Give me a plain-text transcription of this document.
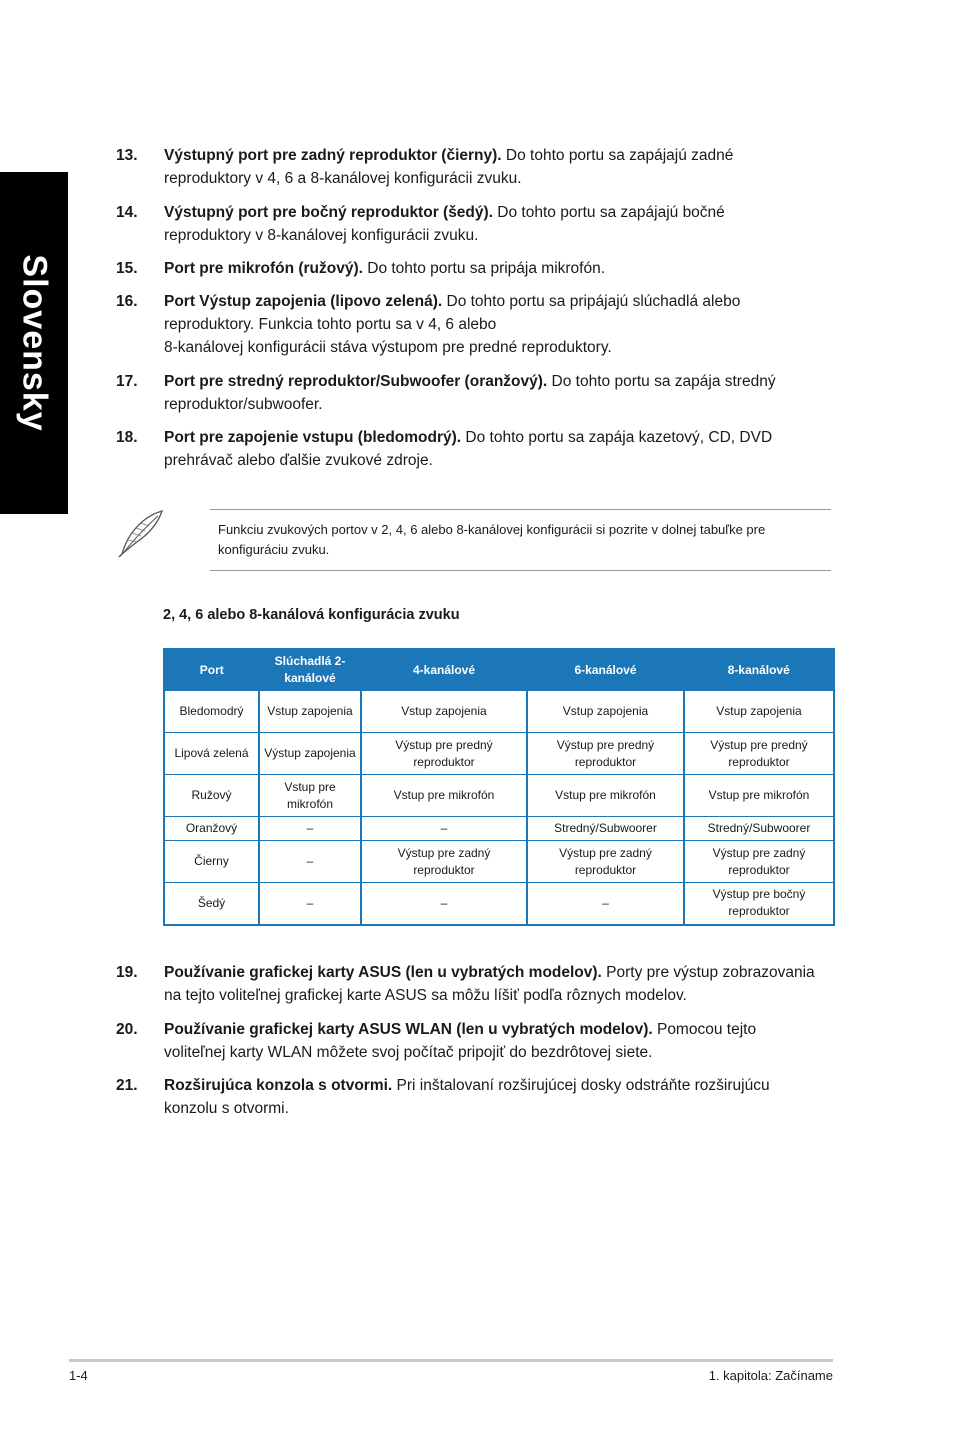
Slovensky
13. Výstupný port pre zadný reproduktor (čierny). Do tohto portu sa zapájajú zadné reproduktory v 4, 6 a 8-kanálovej konfigurácii zvuku.
14. Výstupný port pre bočný reproduktor (šedý). Do tohto portu sa zapájajú bočné reproduktory v 8-kanálovej konfigurácii zvuku.
15. Port pre mikrofón (ružový). Do tohto portu sa pripája mikrofón.
16. Port Výstup zapojenia (lipovo zelená). Do tohto portu sa pripájajú slúchadlá alebo reproduktory. Funkcia tohto portu sa v 4, 6 alebo
8-kanálovej konfigurácii stáva výstupom pre predné reproduktory.
17. Port pre stredný reproduktor/Subwoofer (oranžový). Do tohto portu sa zapája stredný reproduktor/subwoofer.
18. Port pre zapojenie vstupu (bledomodrý). Do tohto portu sa zapája kazetový, CD, DVD prehrávač alebo ďalšie zvukové zdroje.
Funkciu zvukových portov v 2, 4, 6 alebo 8-kanálovej konfigurácii si pozrite v dolnej tabuľke pre konfiguráciu zvuku.
2, 4, 6 alebo 8-kanálová konfigurácia zvuku
Port	Slúchadlá 2-kanálové	4-kanálové	6-kanálové	8-kanálové
Bledomodrý	Vstup zapojenia	Vstup zapojenia	Vstup zapojenia	Vstup zapojenia
Lipová zelená	Výstup zapojenia	Výstup pre predný reproduktor	Výstup pre predný reproduktor	Výstup pre predný reproduktor
Ružový	Vstup pre mikrofón	Vstup pre mikrofón	Vstup pre mikrofón	Vstup pre mikrofón
Oranžový	–	–	Stredný/Subwoorer	Stredný/Subwoorer
Čierny	–	Výstup pre zadný reproduktor	Výstup pre zadný reproduktor	Výstup pre zadný reproduktor
Šedý	–	–	–	Výstup pre bočný reproduktor
19. Používanie grafickej karty ASUS (len u vybratých modelov). Porty pre výstup zobrazovania na tejto voliteľnej grafickej karte ASUS sa môžu líšiť podľa rôznych modelov.
20. Používanie grafickej karty ASUS WLAN (len u vybratých modelov). Pomocou tejto voliteľnej karty WLAN môžete svoj počítač pripojiť do bezdrôtovej siete.
21. Rozširujúca konzola s otvormi. Pri inštalovaní rozširujúcej dosky odstráňte rozširujúcu konzolu s otvormi.
1-4	1. kapitola: Začíname
